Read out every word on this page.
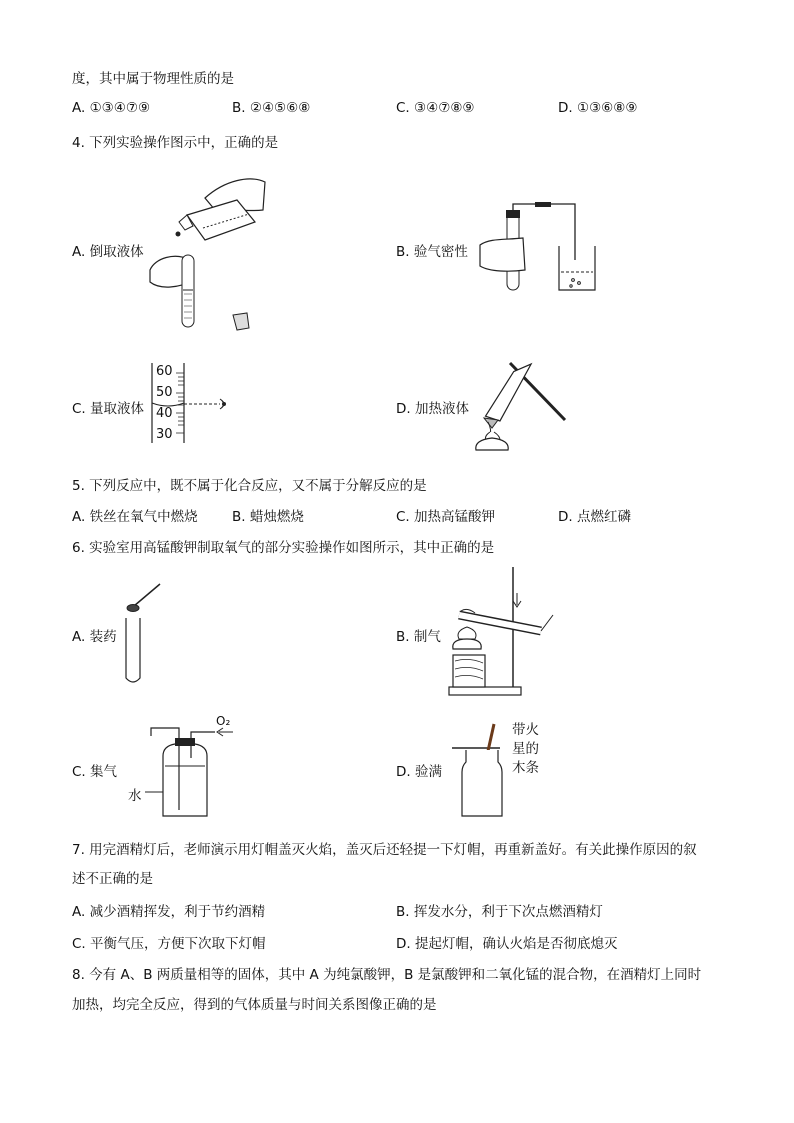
度，其中属于物理性质的是
A. ①③④⑦⑨	B. ②④⑤⑥⑧	C. ③④⑦⑧⑨	D. ①③⑥⑧⑨
4. 下列实验操作图示中，正确的是
A. 倒取液体	B. 验气密性
C. 量取液体
60
50
40
30
D. 加热液体
5. 下列反应中，既不属于化合反应，又不属于分解反应的是
A. 铁丝在氧气中燃烧	B. 蜡烛燃烧	C. 加热高锰酸钾	D. 点燃红磷
6. 实验室用高锰酸钾制取氧气的部分实验操作如图所示，其中正确的是
A. 装药	B. 制气
C. 集气
O₂
水
D. 验满
带火
星的
木条
7. 用完酒精灯后，老师演示用灯帽盖灭火焰，盖灭后还轻提一下灯帽，再重新盖好。有关此操作原因的叙
述不正确的是
A. 减少酒精挥发，利于节约酒精	B. 挥发水分，利于下次点燃酒精灯
C. 平衡气压，方便下次取下灯帽	D. 提起灯帽，确认火焰是否彻底熄灭
8. 今有 A、B 两质量相等的固体，其中 A 为纯氯酸钾，B 是氯酸钾和二氧化锰的混合物，在酒精灯上同时
加热，均完全反应，得到的气体质量与时间关系图像正确的是
